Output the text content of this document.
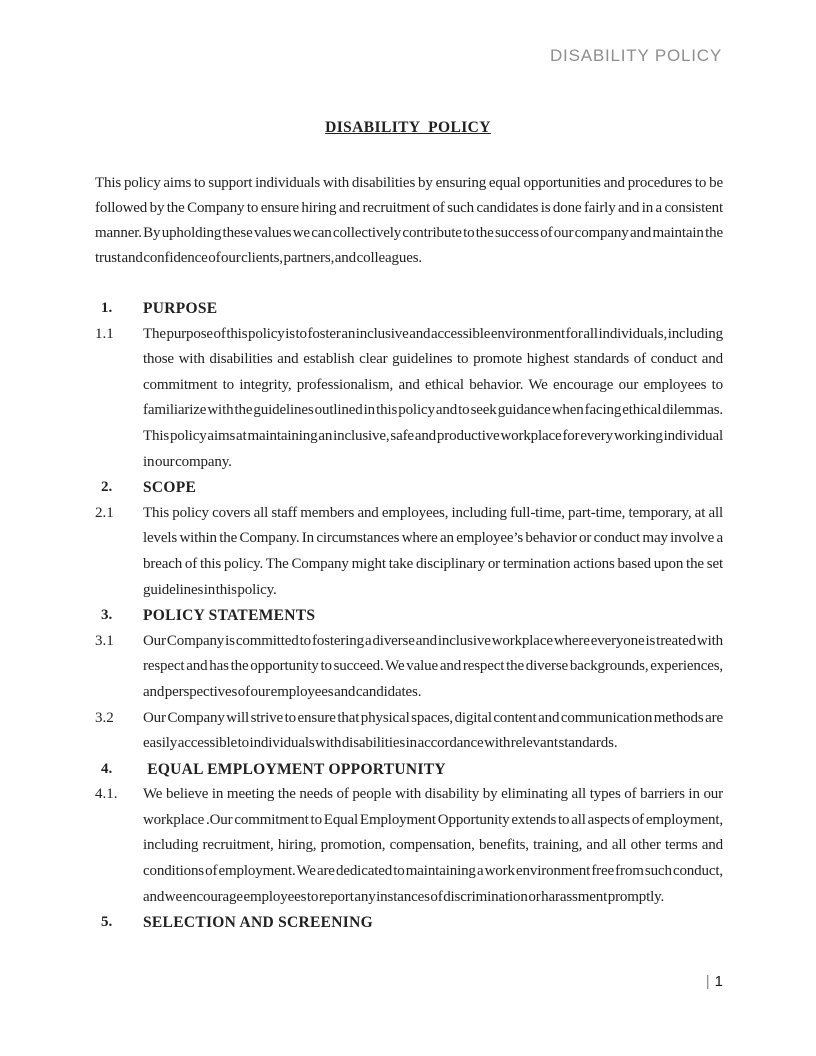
DISABILITY POLICY
DISABILITY POLICY

This policy aims to support individuals with disabilities by ensuring equal opportunities and procedures to be followed by the Company to ensure hiring and recruitment of such candidates is done fairly and in a consistent manner. By upholding these values we can collectively contribute to the success of our company and maintain the trust and confidence of our clients, partners, and colleagues.

1.	PURPOSE
1.1	The purpose of this policy is to foster an inclusive and accessible environment for all individuals, including those with disabilities and establish clear guidelines to promote highest standards of conduct and commitment to integrity, professionalism, and ethical behavior. We encourage our employees to familiarize with the guidelines outlined in this policy and to seek guidance when facing ethical dilemmas. This policy aims at maintaining an inclusive, safe and productive workplace for every working individual in our company.

2.	SCOPE
2.1	This policy covers all staff members and employees, including full-time, part-time, temporary, at all levels within the Company. In circumstances where an employee’s behavior or conduct may involve a breach of this policy. The Company might take disciplinary or termination actions based upon the set guidelines in this policy.

3.	POLICY STATEMENTS
3.1	Our Company is committed to fostering a diverse and inclusive workplace where everyone is treated with respect and has the opportunity to succeed. We value and respect the diverse backgrounds, experiences, and perspectives of our employees and candidates.

3.2	Our Company will strive to ensure that physical spaces, digital content and communication methods are easily accessible to individuals with disabilities in accordance with relevant standards.

4.	EQUAL EMPLOYMENT OPPORTUNITY
4.1.	We believe in meeting the needs of people with disability by eliminating all types of barriers in our workplace .Our commitment to Equal Employment Opportunity extends to all aspects of employment, including recruitment, hiring, promotion, compensation, benefits, training, and all other terms and conditions of employment. We are dedicated to maintaining a work environment free from such conduct, and we encourage employees to report any instances of discrimination or harassment promptly.

5.	SELECTION AND SCREENING
| 1
